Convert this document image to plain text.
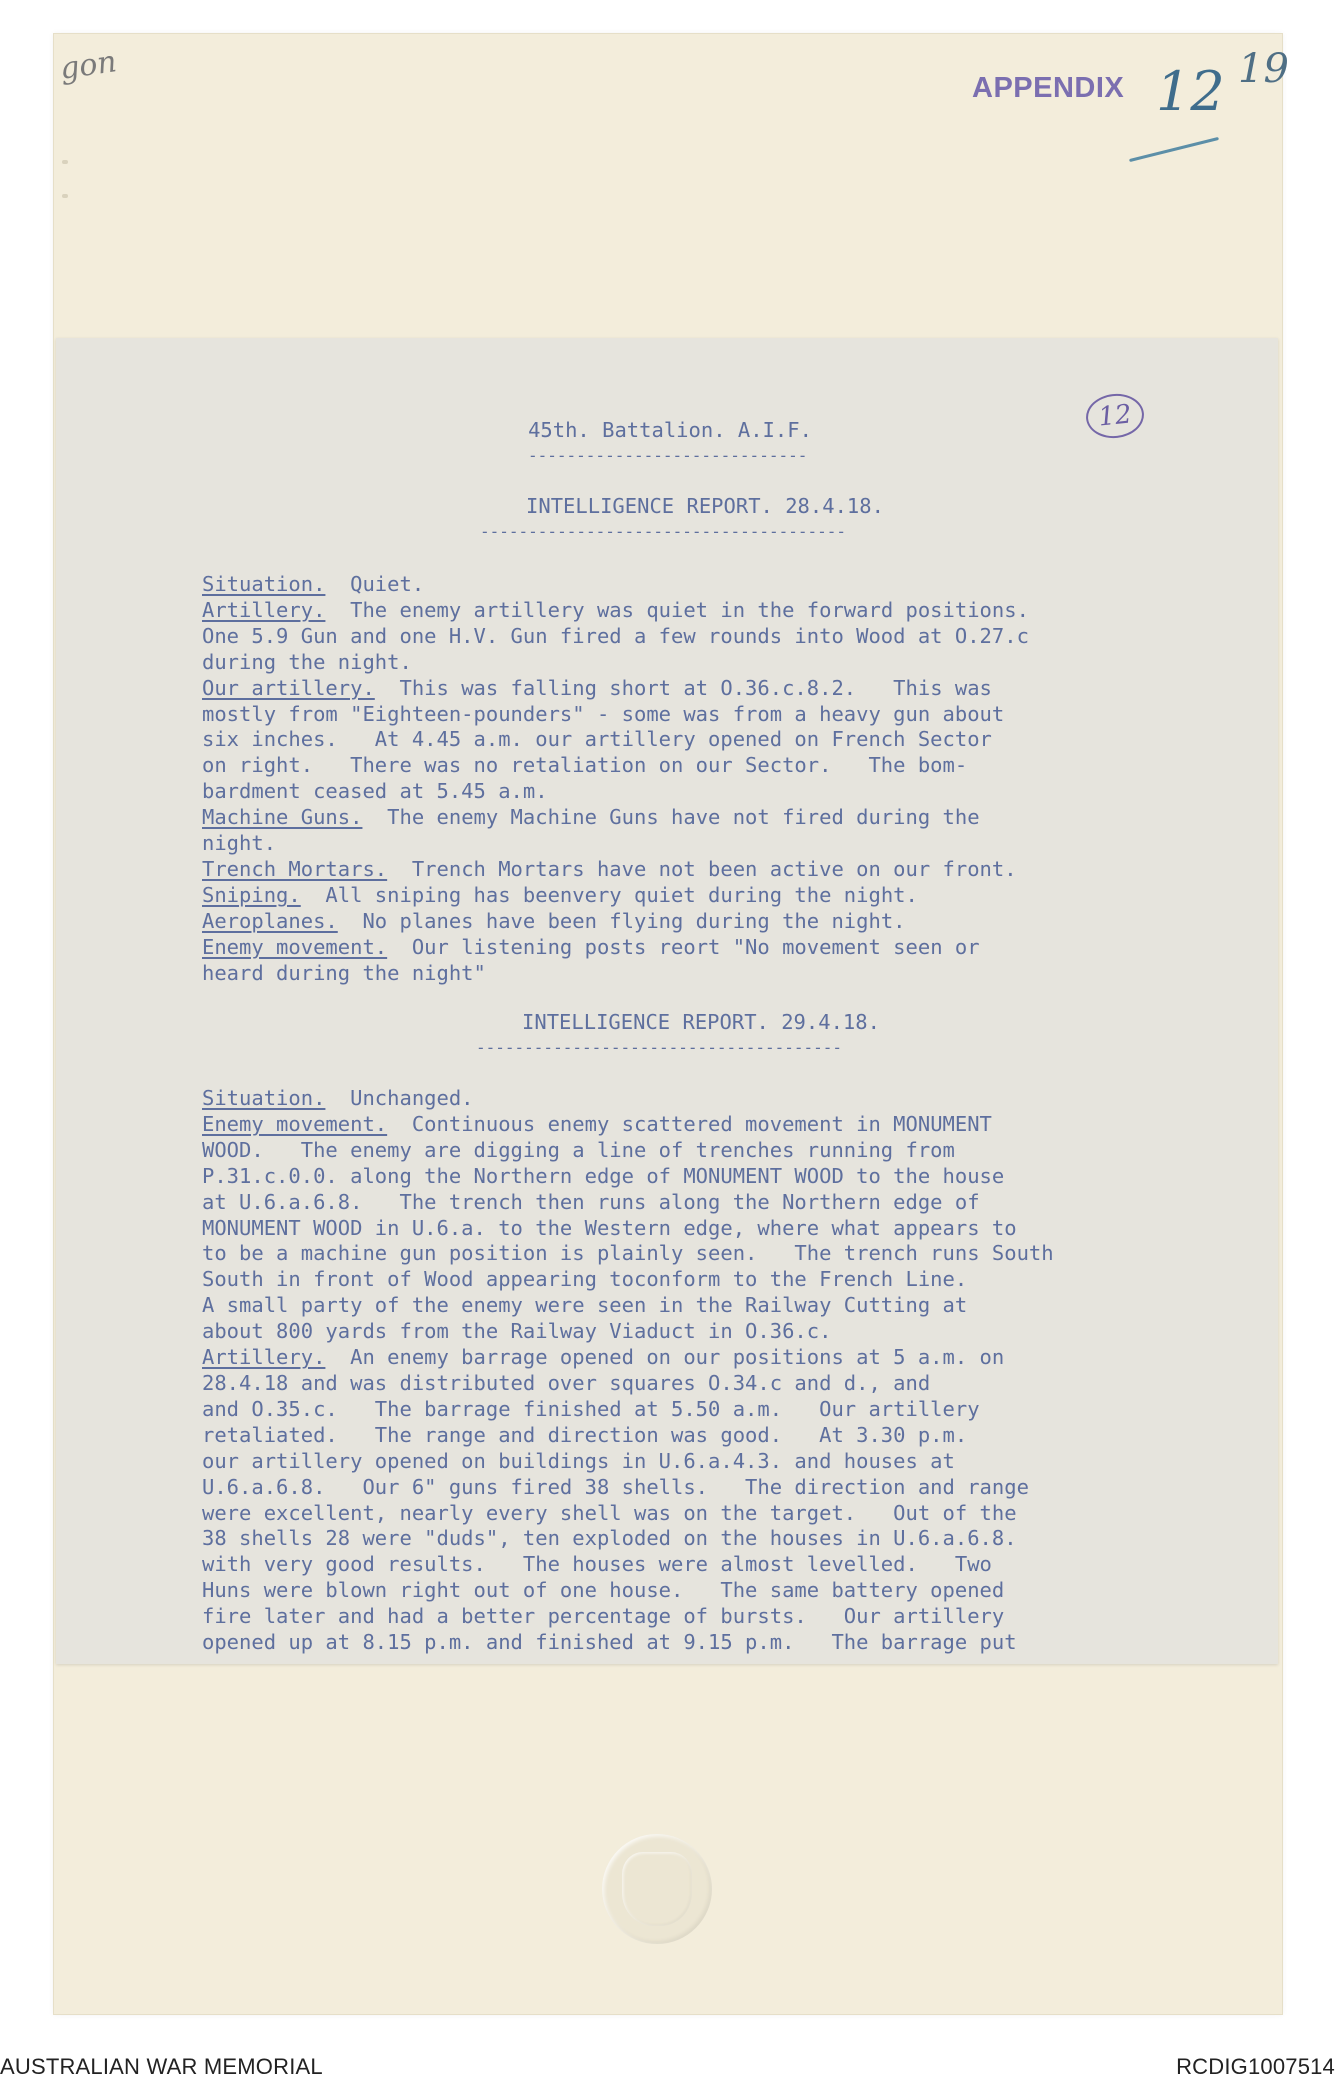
gon
APPENDIX 12 19
12
45th. Battalion. A.I.F.
-----------------------------
INTELLIGENCE REPORT. 28.4.18.
--------------------------------------
Situation.  Quiet.
Artillery.  The enemy artillery was quiet in the forward positions.
One 5.9 Gun and one H.V. Gun fired a few rounds into Wood at O.27.c
during the night.
Our artillery.  This was falling short at O.36.c.8.2.   This was
mostly from "Eighteen-pounders" - some was from a heavy gun about
six inches.   At 4.45 a.m. our artillery opened on French Sector
on right.   There was no retaliation on our Sector.   The bom-
bardment ceased at 5.45 a.m.
Machine Guns.  The enemy Machine Guns have not fired during the
night.
Trench Mortars.  Trench Mortars have not been active on our front.
Sniping.  All sniping has beenvery quiet during the night.
Aeroplanes.  No planes have been flying during the night.
Enemy movement.  Our listening posts reort "No movement seen or
heard during the night"
INTELLIGENCE REPORT. 29.4.18.
--------------------------------------
Situation.  Unchanged.
Enemy movement.  Continuous enemy scattered movement in MONUMENT
WOOD.   The enemy are digging a line of trenches running from
P.31.c.0.0. along the Northern edge of MONUMENT WOOD to the house
at U.6.a.6.8.   The trench then runs along the Northern edge of
MONUMENT WOOD in U.6.a. to the Western edge, where what appears to
to be a machine gun position is plainly seen.   The trench runs South
South in front of Wood appearing toconform to the French Line.
A small party of the enemy were seen in the Railway Cutting at
about 800 yards from the Railway Viaduct in O.36.c.
Artillery.  An enemy barrage opened on our positions at 5 a.m. on
28.4.18 and was distributed over squares O.34.c and d., and
and O.35.c.   The barrage finished at 5.50 a.m.   Our artillery
retaliated.   The range and direction was good.   At 3.30 p.m.
our artillery opened on buildings in U.6.a.4.3. and houses at
U.6.a.6.8.   Our 6" guns fired 38 shells.   The direction and range
were excellent, nearly every shell was on the target.   Out of the
38 shells 28 were "duds", ten exploded on the houses in U.6.a.6.8.
with very good results.   The houses were almost levelled.   Two
Huns were blown right out of one house.   The same battery opened
fire later and had a better percentage of bursts.   Our artillery
opened up at 8.15 p.m. and finished at 9.15 p.m.   The barrage put
AUSTRALIAN WAR MEMORIAL	RCDIG1007514
